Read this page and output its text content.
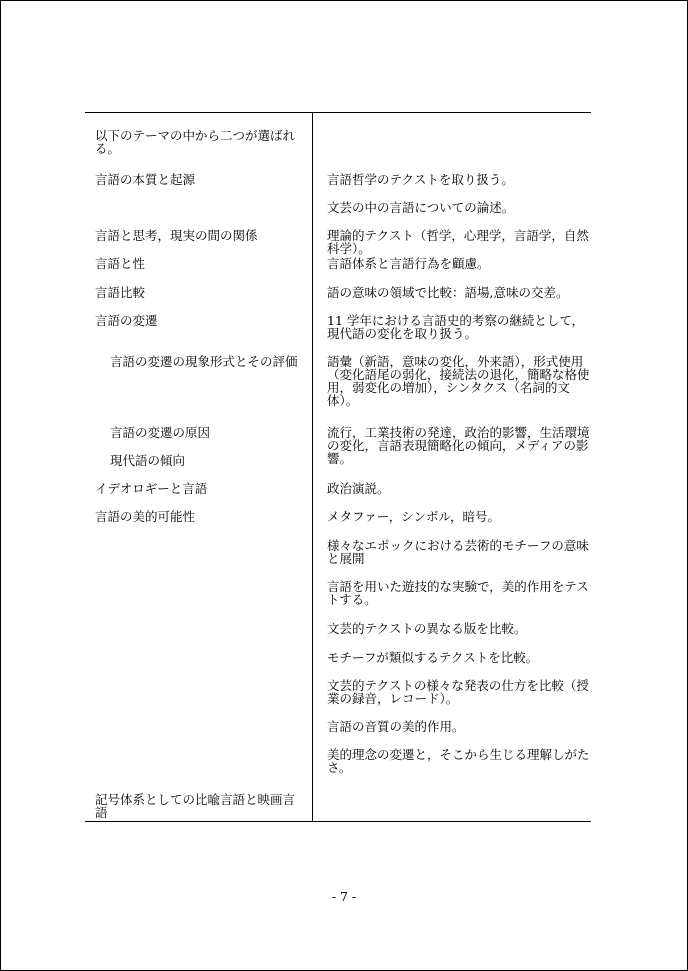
以下のテーマの中から二つが選ばれる。
言語の本質と起源
言語と思考，現実の間の関係
言語と性
言語比較
言語の変遷
言語の変遷の現象形式とその評価
言語の変遷の原因
現代語の傾向
イデオロギーと言語
言語の美的可能性
記号体系としての比喩言語と映画言語
言語哲学のテクストを取り扱う。
文芸の中の言語についての論述。
理論的テクスト（哲学，心理学，言語学，自然科学）。
言語体系と言語行為を顧慮。
語の意味の領域で比較：語場,意味の交差。
11 学年における言語史的考察の継続として，現代語の変化を取り扱う。
語彙（新語，意味の変化，外来語），形式使用（変化語尾の弱化，接続法の退化，簡略な格使用，弱変化の増加），シンタクス（名詞的文体）。
流行，工業技術の発達，政治的影響，生活環境の変化，言語表現簡略化の傾向，メディアの影響。
政治演説。
メタファー，シンボル，暗号。
様々なエポックにおける芸術的モチーフの意味と展開
言語を用いた遊技的な実験で，美的作用をテストする。
文芸的テクストの異なる版を比較。
モチーフが類似するテクストを比較。
文芸的テクストの様々な発表の仕方を比較（授業の録音，レコード）。
言語の音質の美的作用。
美的理念の変遷と，そこから生じる理解しがたさ。
- 7 -
